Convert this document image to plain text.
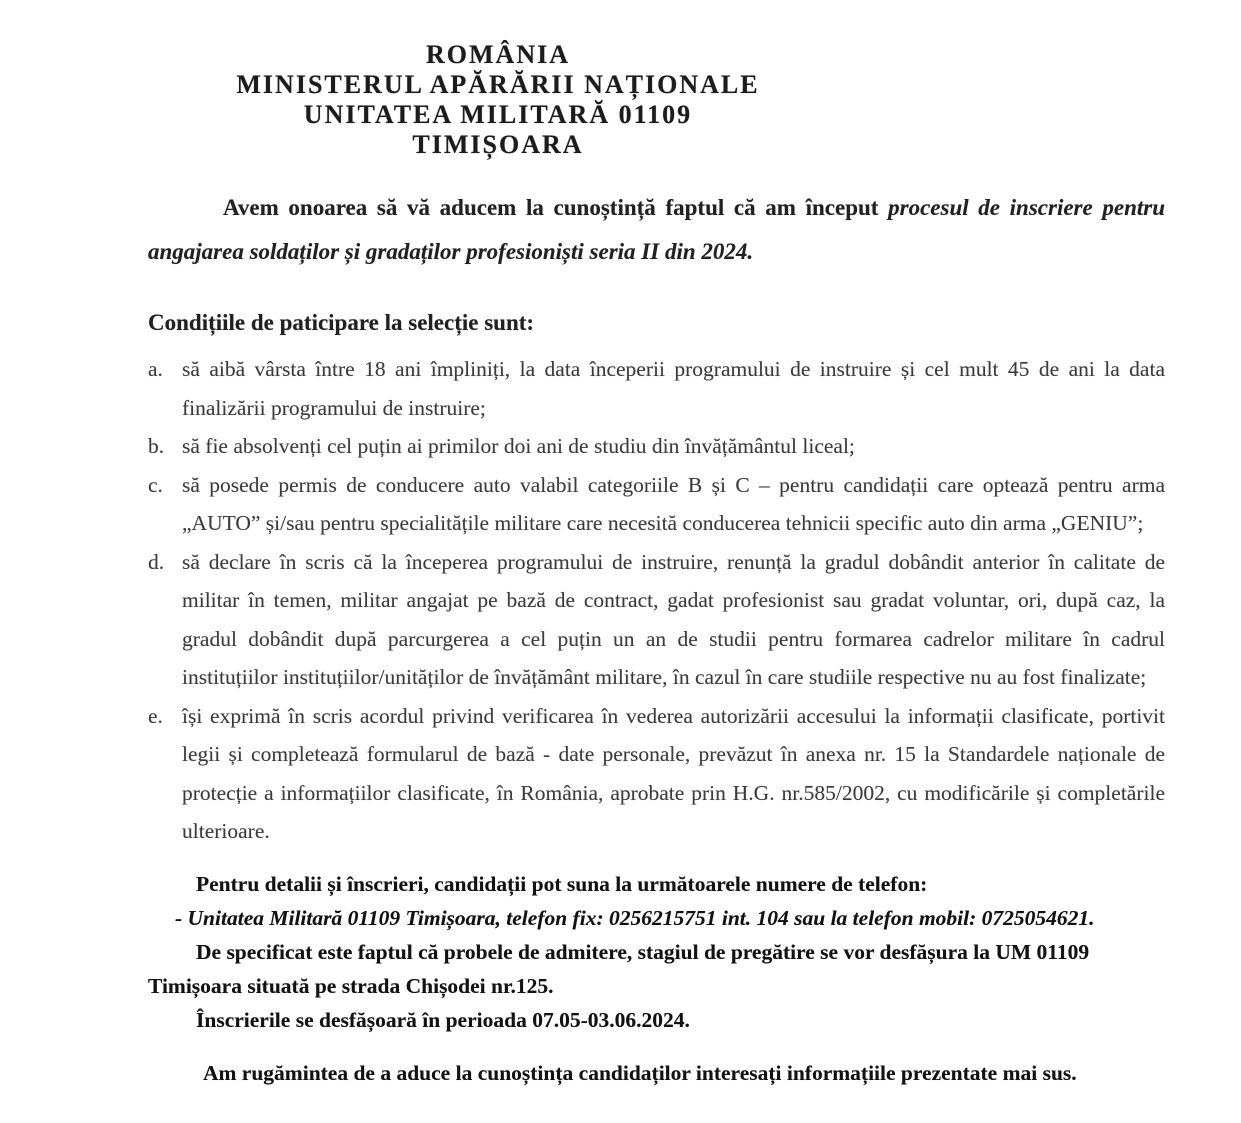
ROMÂNIA
MINISTERUL APĂRĂRII NAȚIONALE
UNITATEA MILITARĂ 01109
TIMIȘOARA

Avem onoarea să vă aducem la cunoștință faptul că am început procesul de inscriere pentru angajarea soldaților și gradaților profesioniști seria II din 2024.

Condițiile de paticipare la selecție sunt:
a. să aibă vârsta între 18 ani împliniți, la data începerii programului de instruire și cel mult 45 de ani la data finalizării programului de instruire;
b. să fie absolvenți cel puțin ai primilor doi ani de studiu din învățământul liceal;
c. să posede permis de conducere auto valabil categoriile B și C – pentru candidații care optează pentru arma „AUTO” și/sau pentru specialitățile militare care necesită conducerea tehnicii specific auto din arma „GENIU”;
d. să declare în scris că la începerea programului de instruire, renunță la gradul dobândit anterior în calitate de militar în temen, militar angajat pe bază de contract, gadat profesionist sau gradat voluntar, ori, după caz, la gradul dobândit după parcurgerea a cel puțin un an de studii pentru formarea cadrelor militare în cadrul instituțiilor instituțiilor/unităților de învățământ militare, în cazul în care studiile respective nu au fost finalizate;
e. își exprimă în scris acordul privind verificarea în vederea autorizării accesului la informații clasificate, portivit legii și completează formularul de bază - date personale, prevăzut în anexa nr. 15 la Standardele naționale de protecție a informațiilor clasificate, în România, aprobate prin H.G. nr.585/2002, cu modificările și completările ulterioare.

Pentru detalii și înscrieri, candidații pot suna la următoarele numere de telefon:

- Unitatea Militară 01109 Timișoara, telefon fix: 0256215751 int. 104 sau la telefon mobil: 0725054621.

De specificat este faptul că probele de admitere, stagiul de pregătire se vor desfășura la UM 01109

Timișoara situată pe strada Chișodei nr.125.

Înscrierile se desfășoară în perioada 07.05-03.06.2024.

Am rugămintea de a aduce la cunoștința candidaților interesați informațiile prezentate mai sus.
